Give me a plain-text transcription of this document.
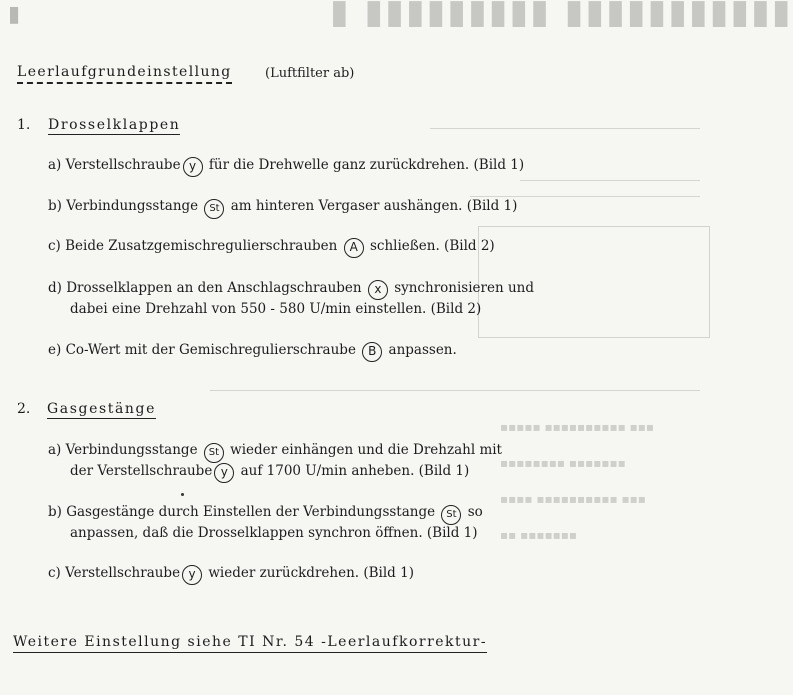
▮	▮ ▮▮▮▮▮▮▮▮▮ ▮▮▮▮▮▮▮▮▮▮▮
▪▪▪▪▪ ▪▪▪▪▪▪▪▪▪▪ ▪▪▪
▪▪▪▪▪▪▪▪ ▪▪▪▪▪▪▪
▪▪▪▪ ▪▪▪▪▪▪▪▪▪▪ ▪▪▪
▪▪ ▪▪▪▪▪▪▪
Leerlaufgrundeinstellung	(Luftfilter ab)
1. Drosselklappen
a) Verstellschraube y für die Drehwelle ganz zurückdrehen. (Bild 1)
b) Verbindungsstange St am hinteren Vergaser aushängen. (Bild 1)
c) Beide Zusatzgemischregulierschrauben A schließen. (Bild 2)
d) Drosselklappen an den Anschlagschrauben x synchronisieren und
dabei eine Drehzahl von 550 - 580 U/min einstellen. (Bild 2)
e) Co-Wert mit der Gemischregulierschraube B anpassen.
2. Gasgestänge
a) Verbindungsstange St wieder einhängen und die Drehzahl mit
der Verstellschraube y auf 1700 U/min anheben. (Bild 1)
b) Gasgestänge durch Einstellen der Verbindungsstange St so
anpassen, daß die Drosselklappen synchron öffnen. (Bild 1)
c) Verstellschraube y wieder zurückdrehen. (Bild 1)
Weitere Einstellung siehe TI Nr. 54 -Leerlaufkorrektur-
